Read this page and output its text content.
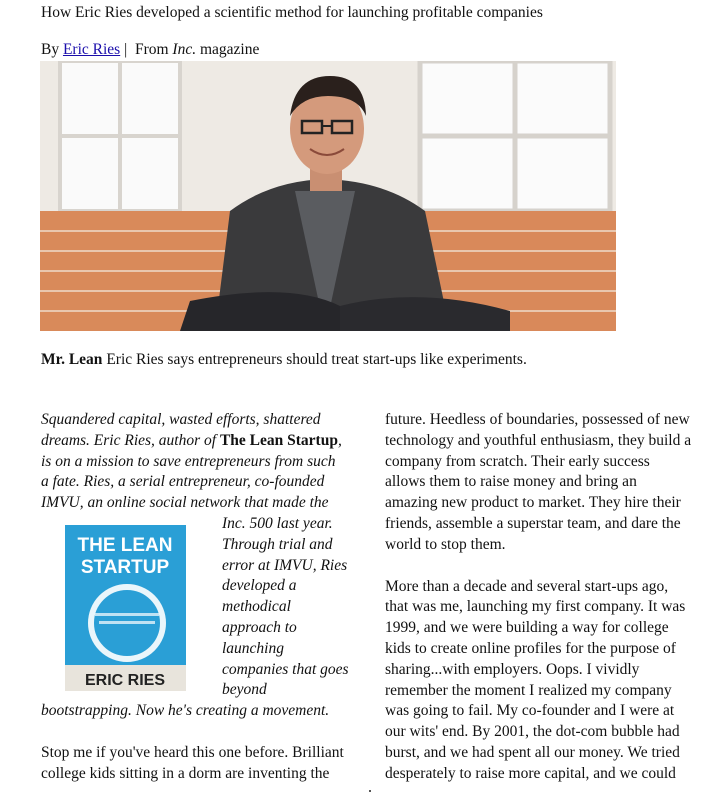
How Eric Ries developed a scientific method for launching profitable companies
By Eric Ries | From Inc. magazine
Mr. Lean Eric Ries says entrepreneurs should treat start-ups like experiments.

Squandered capital, wasted efforts, shattered
dreams. Eric Ries, author of The Lean Startup,
is on a mission to save entrepreneurs from such
a fate. Ries, a serial entrepreneur, co-founded
IMVU, an online social network that made the
Inc. 500 last year.
Through trial and
error at IMVU, Ries
developed a
methodical
approach to
launching
companies that goes
beyond
bootstrapping. Now he's creating a movement.

Stop me if you've heard this one before. Brilliant
college kids sitting in a dorm are inventing the

THE LEAN
STARTUP
ERIC RIES

future. Heedless of boundaries, possessed of new
technology and youthful enthusiasm, they build a
company from scratch. Their early success
allows them to raise money and bring an
amazing new product to market. They hire their
friends, assemble a superstar team, and dare the
world to stop them.

More than a decade and several start-ups ago,
that was me, launching my first company. It was
1999, and we were building a way for college
kids to create online profiles for the purpose of
sharing...with employers. Oops. I vividly
remember the moment I realized my company
was going to fail. My co-founder and I were at
our wits' end. By 2001, the dot-com bubble had
burst, and we had spent all our money. We tried
desperately to raise more capital, and we could
